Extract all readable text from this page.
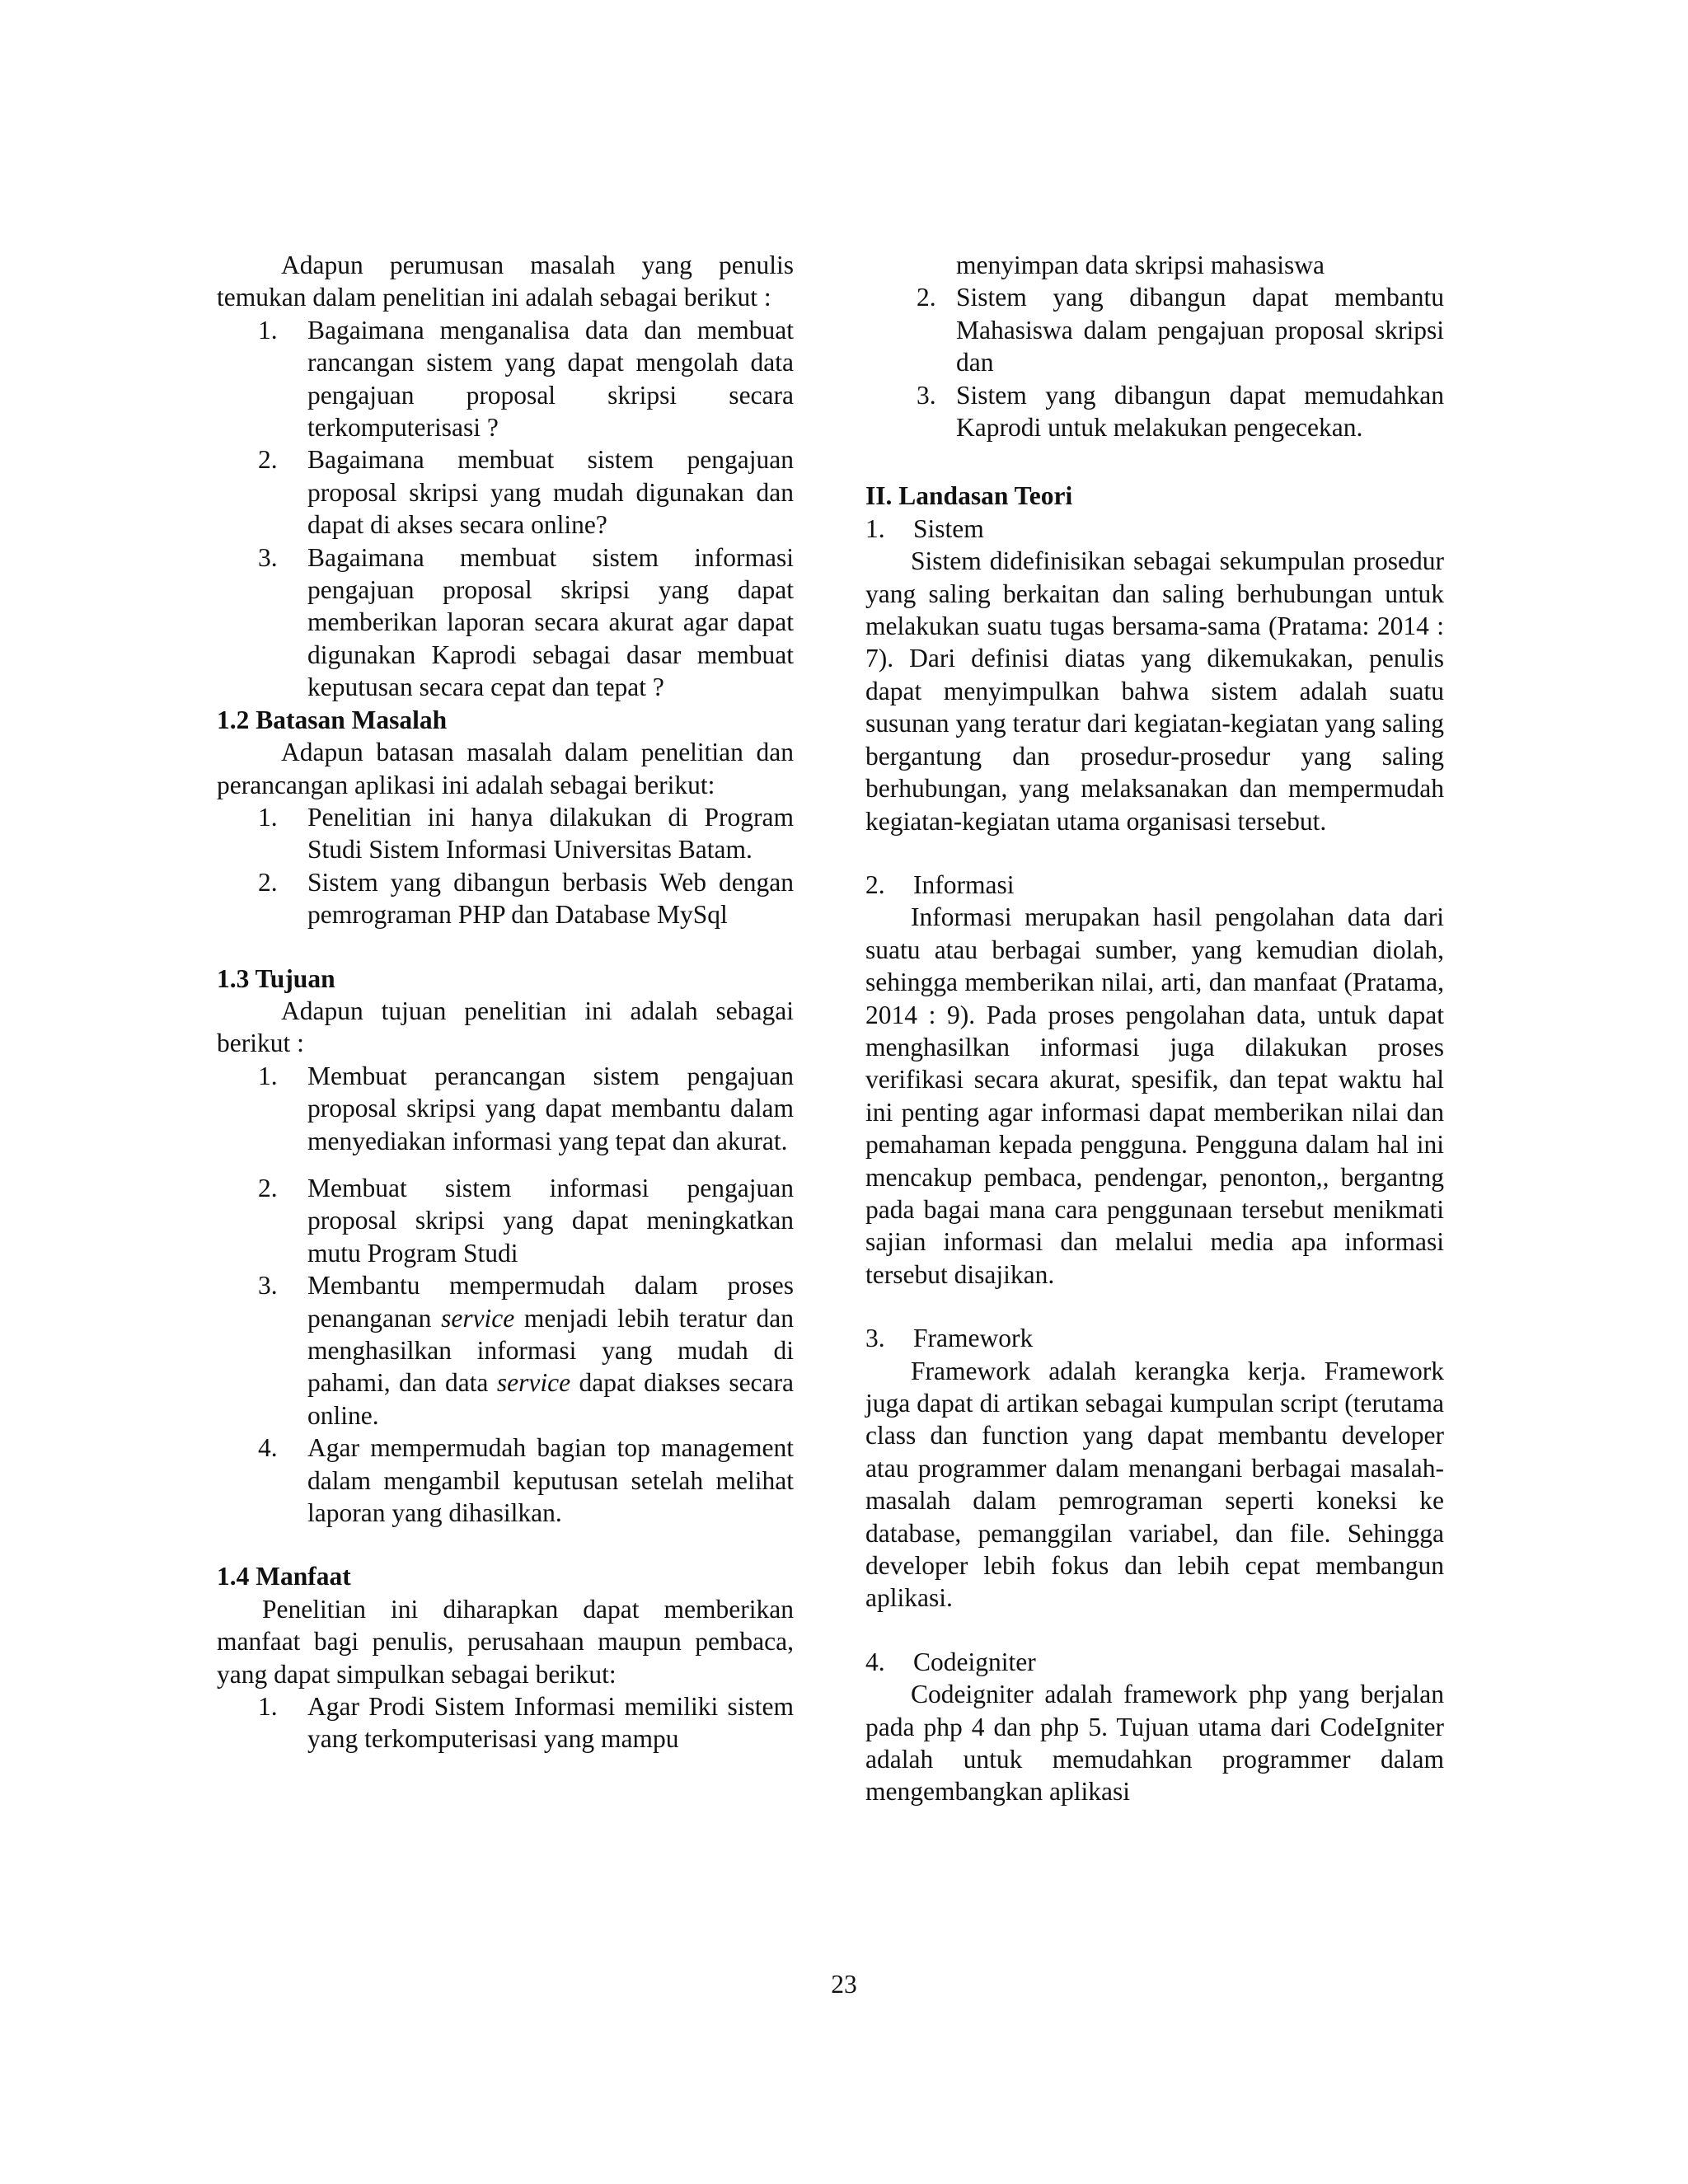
Adapun perumusan masalah yang penulis temukan dalam penelitian ini adalah sebagai berikut :

1.	Bagaimana menganalisa data dan membuat rancangan sistem yang dapat mengolah data pengajuan proposal skripsi secara terkomputerisasi ?
2.	Bagaimana membuat sistem pengajuan proposal skripsi yang mudah digunakan dan dapat di akses secara online?
3.	Bagaimana membuat sistem informasi pengajuan proposal skripsi yang dapat memberikan laporan secara akurat agar dapat digunakan Kaprodi sebagai dasar membuat keputusan secara cepat dan tepat ?
1.2 Batasan Masalah

Adapun batasan masalah dalam penelitian dan perancangan aplikasi ini adalah sebagai berikut:

1.	Penelitian ini hanya dilakukan di Program Studi Sistem Informasi Universitas Batam.
2.	Sistem yang dibangun berbasis Web dengan pemrograman PHP dan Database MySql
1.3 Tujuan

Adapun tujuan penelitian ini adalah sebagai berikut :

1.	Membuat perancangan sistem pengajuan proposal skripsi yang dapat membantu dalam menyediakan informasi yang tepat dan akurat.
2.	Membuat sistem informasi pengajuan proposal skripsi yang dapat meningkatkan mutu Program Studi
3.	Membantu mempermudah dalam proses penanganan service menjadi lebih teratur dan menghasilkan informasi yang mudah di pahami, dan data service dapat diakses secara online.
4.	Agar mempermudah bagian top management dalam mengambil keputusan setelah melihat laporan yang dihasilkan.
1.4 Manfaat

Penelitian ini diharapkan dapat memberikan manfaat bagi penulis, perusahaan maupun pembaca, yang dapat simpulkan sebagai berikut:

1.	Agar Prodi Sistem Informasi memiliki sistem yang terkomputerisasi yang mampu

menyimpan data skripsi mahasiswa

2. Sistem yang dibangun dapat membantu Mahasiswa dalam pengajuan proposal skripsi dan
3. Sistem yang dibangun dapat memudahkan Kaprodi untuk melakukan pengecekan.
II. Landasan Teori

1. Sistem

Sistem didefinisikan sebagai sekumpulan prosedur yang saling berkaitan dan saling berhubungan untuk melakukan suatu tugas bersama-sama (Pratama: 2014 : 7). Dari definisi diatas yang dikemukakan, penulis dapat menyimpulkan bahwa sistem adalah suatu susunan yang teratur dari kegiatan-kegiatan yang saling bergantung dan prosedur-prosedur yang saling berhubungan, yang melaksanakan dan mempermudah kegiatan-kegiatan utama organisasi tersebut.

2. Informasi

Informasi merupakan hasil pengolahan data dari suatu atau berbagai sumber, yang kemudian diolah, sehingga memberikan nilai, arti, dan manfaat (Pratama, 2014 : 9). Pada proses pengolahan data, untuk dapat menghasilkan informasi juga dilakukan proses verifikasi secara akurat, spesifik, dan tepat waktu hal ini penting agar informasi dapat memberikan nilai dan pemahaman kepada pengguna. Pengguna dalam hal ini mencakup pembaca, pendengar, penonton,, bergantng pada bagai mana cara penggunaan tersebut menikmati sajian informasi dan melalui media apa informasi tersebut disajikan.

3. Framework

Framework adalah kerangka kerja. Framework juga dapat di artikan sebagai kumpulan script (terutama class dan function yang dapat membantu developer atau programmer dalam menangani berbagai masalah-masalah dalam pemrograman seperti koneksi ke database, pemanggilan variabel, dan file. Sehingga developer lebih fokus dan lebih cepat membangun aplikasi.

4. Codeigniter

Codeigniter adalah framework php yang berjalan pada php 4 dan php 5. Tujuan utama dari CodeIgniter adalah untuk memudahkan programmer dalam mengembangkan aplikasi

23
